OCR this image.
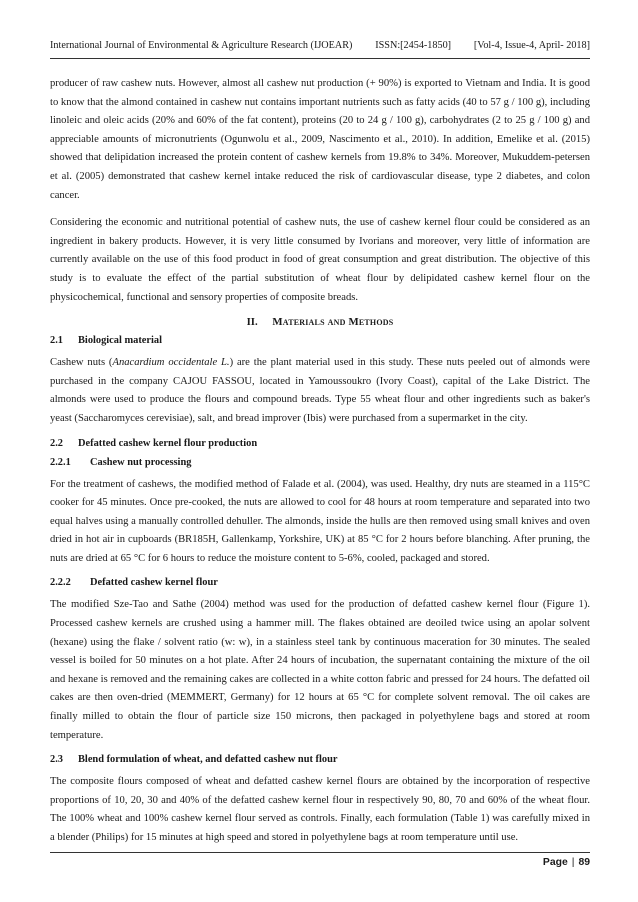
International Journal of Environmental & Agriculture Research (IJOEAR) ISSN:[2454-1850] [Vol-4, Issue-4, April- 2018]

producer of raw cashew nuts. However, almost all cashew nut production (+ 90%) is exported to Vietnam and India. It is good to know that the almond contained in cashew nut contains important nutrients such as fatty acids (40 to 57 g / 100 g), including linoleic and oleic acids (20% and 60% of the fat content), proteins (20 to 24 g / 100 g), carbohydrates (2 to 25 g / 100 g) and appreciable amounts of micronutrients (Ogunwolu et al., 2009, Nascimento et al., 2010). In addition, Emelike et al. (2015) showed that delipidation increased the protein content of cashew kernels from 19.8% to 34%. Moreover, Mukuddem-petersen et al. (2005) demonstrated that cashew kernel intake reduced the risk of cardiovascular disease, type 2 diabetes, and colon cancer.

Considering the economic and nutritional potential of cashew nuts, the use of cashew kernel flour could be considered as an ingredient in bakery products. However, it is very little consumed by Ivorians and moreover, very little of information are currently available on the use of this food product in food of great consumption and great distribution. The objective of this study is to evaluate the effect of the partial substitution of wheat flour by delipidated cashew kernel flour on the physicochemical, functional and sensory properties of composite breads.

II. Materials and Methods
2.1 Biological material

Cashew nuts (Anacardium occidentale L.) are the plant material used in this study. These nuts peeled out of almonds were purchased in the company CAJOU FASSOU, located in Yamoussoukro (Ivory Coast), capital of the Lake District. The almonds were used to produce the flours and compound breads. Type 55 wheat flour and other ingredients such as baker's yeast (Saccharomyces cerevisiae), salt, and bread improver (Ibis) were purchased from a supermarket in the city.

2.2 Defatted cashew kernel flour production
2.2.1 Cashew nut processing

For the treatment of cashews, the modified method of Falade et al. (2004), was used. Healthy, dry nuts are steamed in a 115°C cooker for 45 minutes. Once pre-cooked, the nuts are allowed to cool for 48 hours at room temperature and separated into two equal halves using a manually controlled dehuller. The almonds, inside the hulls are then removed using small knives and oven dried in hot air in cupboards (BR185H, Gallenkamp, Yorkshire, UK) at 85 °C for 2 hours before blanching. After pruning, the nuts are dried at 65 °C for 6 hours to reduce the moisture content to 5-6%, cooled, packaged and stored.

2.2.2 Defatted cashew kernel flour

The modified Sze-Tao and Sathe (2004) method was used for the production of defatted cashew kernel flour (Figure 1). Processed cashew kernels are crushed using a hammer mill. The flakes obtained are deoiled twice using an apolar solvent (hexane) using the flake / solvent ratio (w: w), in a stainless steel tank by continuous maceration for 30 minutes. The sealed vessel is boiled for 50 minutes on a hot plate. After 24 hours of incubation, the supernatant containing the mixture of the oil and hexane is removed and the remaining cakes are collected in a white cotton fabric and pressed for 24 hours. The defatted oil cakes are then oven-dried (MEMMERT, Germany) for 12 hours at 65 °C for complete solvent removal. The oil cakes are finally milled to obtain the flour of particle size 150 microns, then packaged in polyethylene bags and stored at room temperature.

2.3 Blend formulation of wheat, and defatted cashew nut flour

The composite flours composed of wheat and defatted cashew kernel flours are obtained by the incorporation of respective proportions of 10, 20, 30 and 40% of the defatted cashew kernel flour in respectively 90, 80, 70 and 60% of the wheat flour. The 100% wheat and 100% cashew kernel flour served as controls. Finally, each formulation (Table 1) was carefully mixed in a blender (Philips) for 15 minutes at high speed and stored in polyethylene bags at room temperature until use.

Page | 89
